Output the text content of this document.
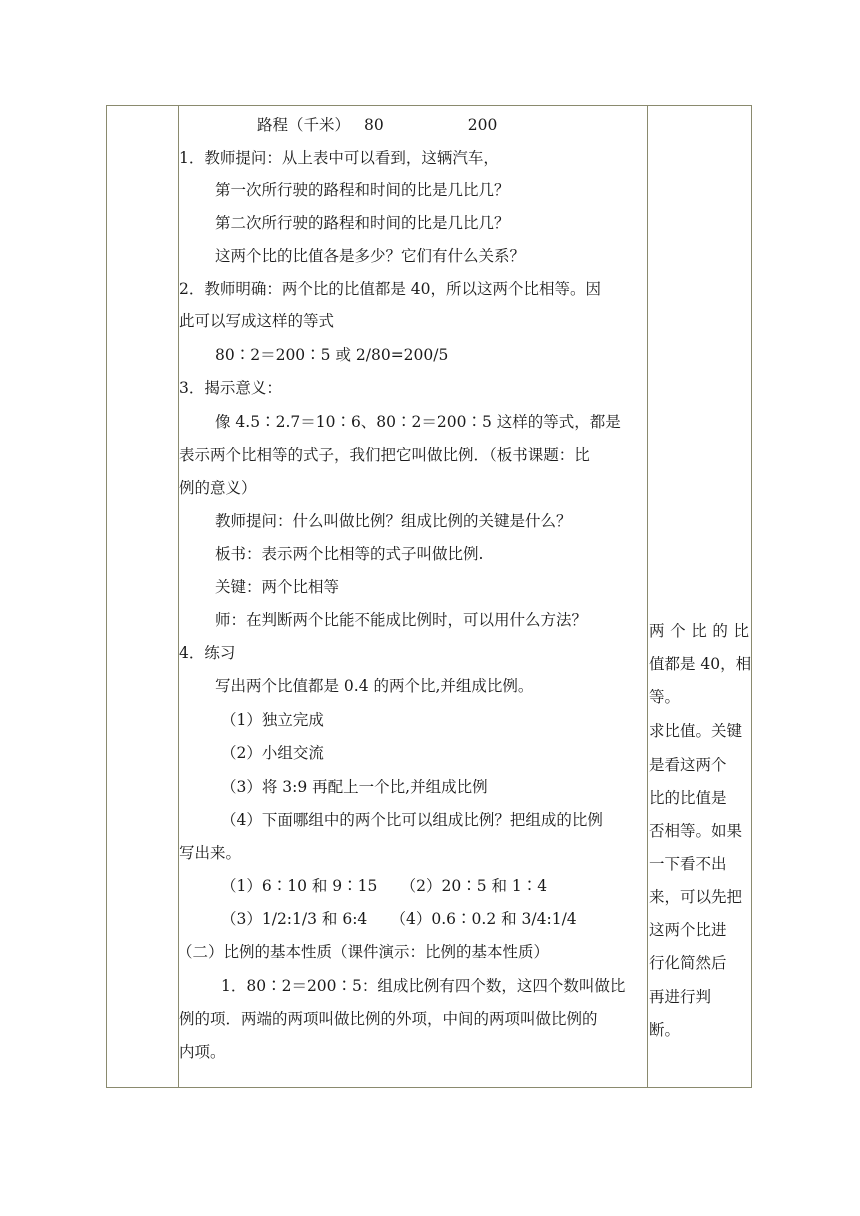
路程（千米） 80	200
1．教师提问：从上表中可以看到，这辆汽车，
第一次所行驶的路程和时间的比是几比几？
第二次所行驶的路程和时间的比是几比几？
这两个比的比值各是多少？它们有什么关系？
2．教师明确：两个比的比值都是 40，所以这两个比相等。因
此可以写成这样的等式
80∶2＝200∶5 或 2/80=200/5
3．揭示意义：
像 4.5∶2.7＝10∶6、80∶2＝200∶5 这样的等式，都是
表示两个比相等的式子，我们把它叫做比例．（板书课题：比
例的意义）
教师提问：什么叫做比例？组成比例的关键是什么？
板书：表示两个比相等的式子叫做比例.
关键：两个比相等
师：在判断两个比能不能成比例时，可以用什么方法？
4．练习
写出两个比值都是 0.4 的两个比,并组成比例。
（1）独立完成
（2）小组交流
（3）将 3:9 再配上一个比,并组成比例
（4）下面哪组中的两个比可以组成比例？把组成的比例
写出来。
（1）6∶10 和 9∶15　　（2）20∶5 和 1∶4
（3）1/2:1/3 和 6:4　　（4）0.6∶0.2 和 3/4:1/4
（二）比例的基本性质（课件演示：比例的基本性质）
1．80∶2＝200∶5：组成比例有四个数，这四个数叫做比
例的项．两端的两项叫做比例的外项，中间的两项叫做比例的
内项。

两 个 比 的 比
值都是 40，相
等。
求比值。关键
是看这两个
比的比值是
否相等。如果
一下看不出
来，可以先把
这两个比进
行化简然后
再进行判
断。
